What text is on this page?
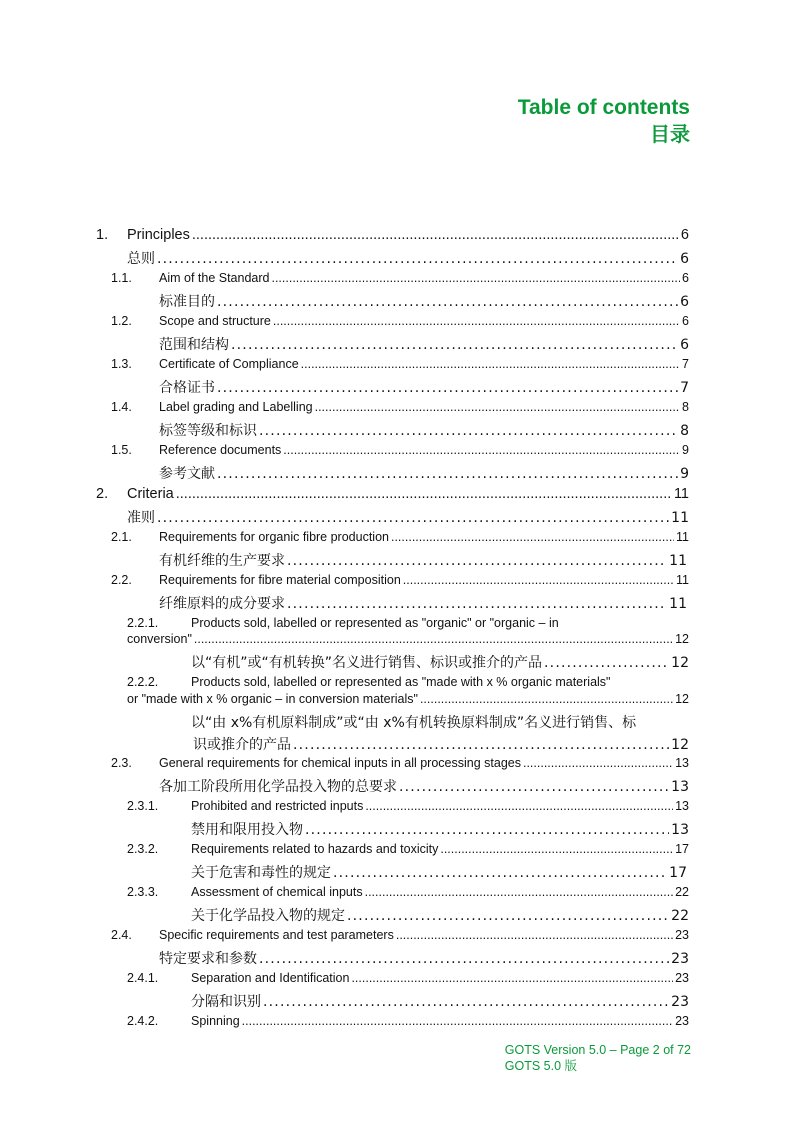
Table of contents
目录
1. Principles .....	6
总则 .....	6
1.1. Aim of the Standard .....	6
标准目的 .....	6
1.2. Scope and structure .....	6
范围和结构 .....	6
1.3. Certificate of Compliance .....	7
合格证书 .....	7
1.4. Label grading and Labelling .....	8
标签等级和标识 .....	8
1.5. Reference documents .....	9
参考文献 .....	9
2. Criteria .....	11
准则 .....	11
2.1. Requirements for organic fibre production .....	11
有机纤维的生产要求 .....	11
2.2. Requirements for fibre material composition .....	11
纤维原料的成分要求 .....	11
2.2.1.	Products sold, labelled or represented as "organic" or "organic – in
conversion" .....	12
以“有机”或“有机转换”名义进行销售、标识或推介的产品 .....	12
2.2.2.	Products sold, labelled or represented as "made with x % organic materials"
or "made with x % organic – in conversion materials" .....	12
以“由 x%有机原料制成”或“由 x%有机转换原料制成”名义进行销售、标
识或推介的产品 .....	12
2.3. General requirements for chemical inputs in all processing stages .....	13
各加工阶段所用化学品投入物的总要求 .....	13
2.3.1.	Prohibited and restricted inputs .....	13
禁用和限用投入物 .....	13
2.3.2.	Requirements related to hazards and toxicity .....	17
关于危害和毒性的规定 .....	17
2.3.3.	Assessment of chemical inputs .....	22
关于化学品投入物的规定 .....	22
2.4. Specific requirements and test parameters .....	23
特定要求和参数 .....	23
2.4.1.	Separation and Identification .....	23
分隔和识别 .....	23
2.4.2.	Spinning .....	23
GOTS Version 5.0 – Page 2 of 72
GOTS 5.0 版
